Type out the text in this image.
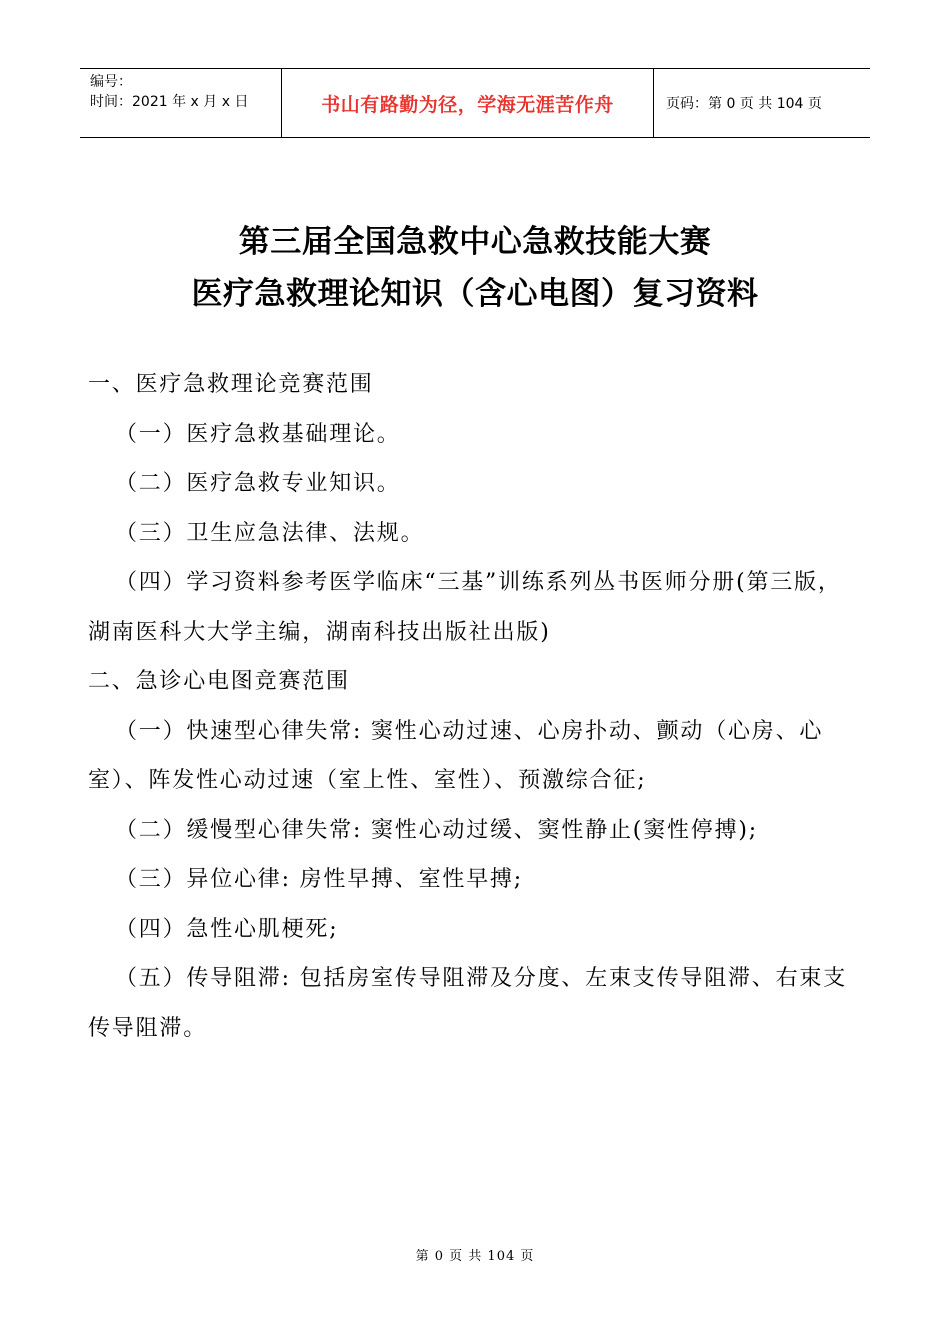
编号：
时间：2021 年 x 月 x 日	书山有路勤为径，学海无涯苦作舟	页码：第 0 页 共 104 页
第三届全国急救中心急救技能大赛
医疗急救理论知识（含心电图）复习资料

一、医疗急救理论竞赛范围

（一）医疗急救基础理论。

（二）医疗急救专业知识。

（三）卫生应急法律、法规。

（四）学习资料参考医学临床“三基”训练系列丛书医师分册(第三版，湖南医科大大学主编，湖南科技出版社出版)

二、急诊心电图竞赛范围

（一）快速型心律失常: 窦性心动过速、心房扑动、颤动（心房、心室）、阵发性心动过速（室上性、室性）、预激综合征;

（二）缓慢型心律失常: 窦性心动过缓、窦性静止(窦性停搏);

（三）异位心律: 房性早搏、室性早搏;

（四）急性心肌梗死;

（五）传导阻滞: 包括房室传导阻滞及分度、左束支传导阻滞、右束支传导阻滞。

第 0 页 共 104 页
